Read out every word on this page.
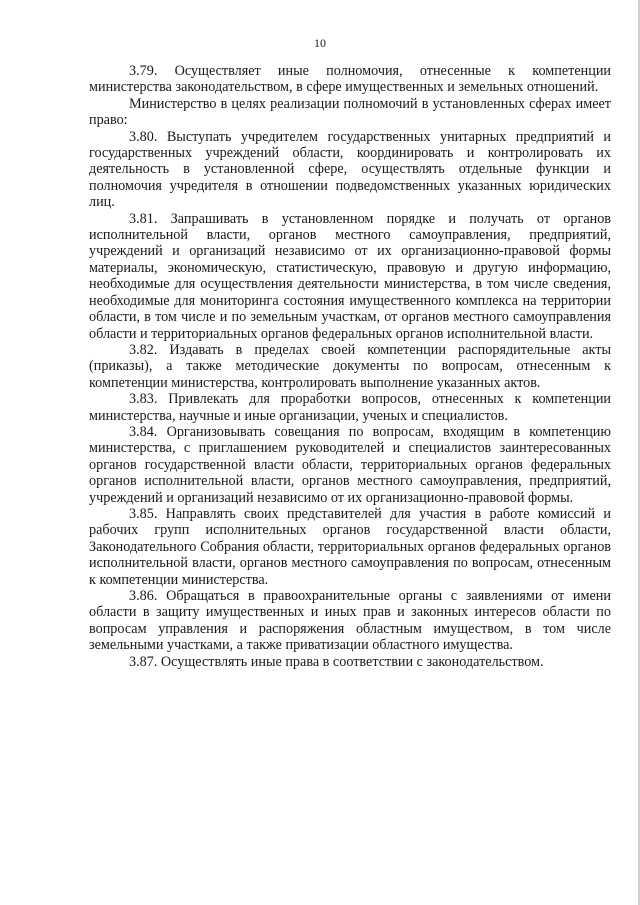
10

3.79. Осуществляет иные полномочия, отнесенные к компетенции министерства законодательством, в сфере имущественных и земельных отношений.

Министерство в целях реализации полномочий в установленных сферах имеет право:

3.80. Выступать учредителем государственных унитарных предприятий и государственных учреждений области, координировать и контролировать их деятельность в установленной сфере, осуществлять отдельные функции и полномочия учредителя в отношении подведомственных указанных юридических лиц.

3.81. Запрашивать в установленном порядке и получать от органов исполнительной власти, органов местного самоуправления, предприятий, учреждений и организаций независимо от их организационно-правовой формы материалы, экономическую, статистическую, правовую и другую информацию, необходимые для осуществления деятельности министерства, в том числе сведения, необходимые для мониторинга состояния имущественного комплекса на территории области, в том числе и по земельным участкам, от органов местного самоуправления области и территориальных органов федеральных органов исполнительной власти.

3.82. Издавать в пределах своей компетенции распорядительные акты (приказы), а также методические документы по вопросам, отнесенным к компетенции министерства, контролировать выполнение указанных актов.

3.83. Привлекать для проработки вопросов, отнесенных к компетенции министерства, научные и иные организации, ученых и специалистов.

3.84. Организовывать совещания по вопросам, входящим в компетенцию министерства, с приглашением руководителей и специалистов заинтересованных органов государственной власти области, территориальных органов федеральных органов исполнительной власти, органов местного самоуправления, предприятий, учреждений и организаций независимо от их организационно-правовой формы.

3.85. Направлять своих представителей для участия в работе комиссий и рабочих групп исполнительных органов государственной власти области, Законодательного Собрания области, территориальных органов федеральных органов исполнительной власти, органов местного самоуправления по вопросам, отнесенным к компетенции министерства.

3.86. Обращаться в правоохранительные органы с заявлениями от имени области в защиту имущественных и иных прав и законных интересов области по вопросам управления и распоряжения областным имуществом, в том числе земельными участками, а также приватизации областного имущества.

3.87. Осуществлять иные права в соответствии с законодательством.
